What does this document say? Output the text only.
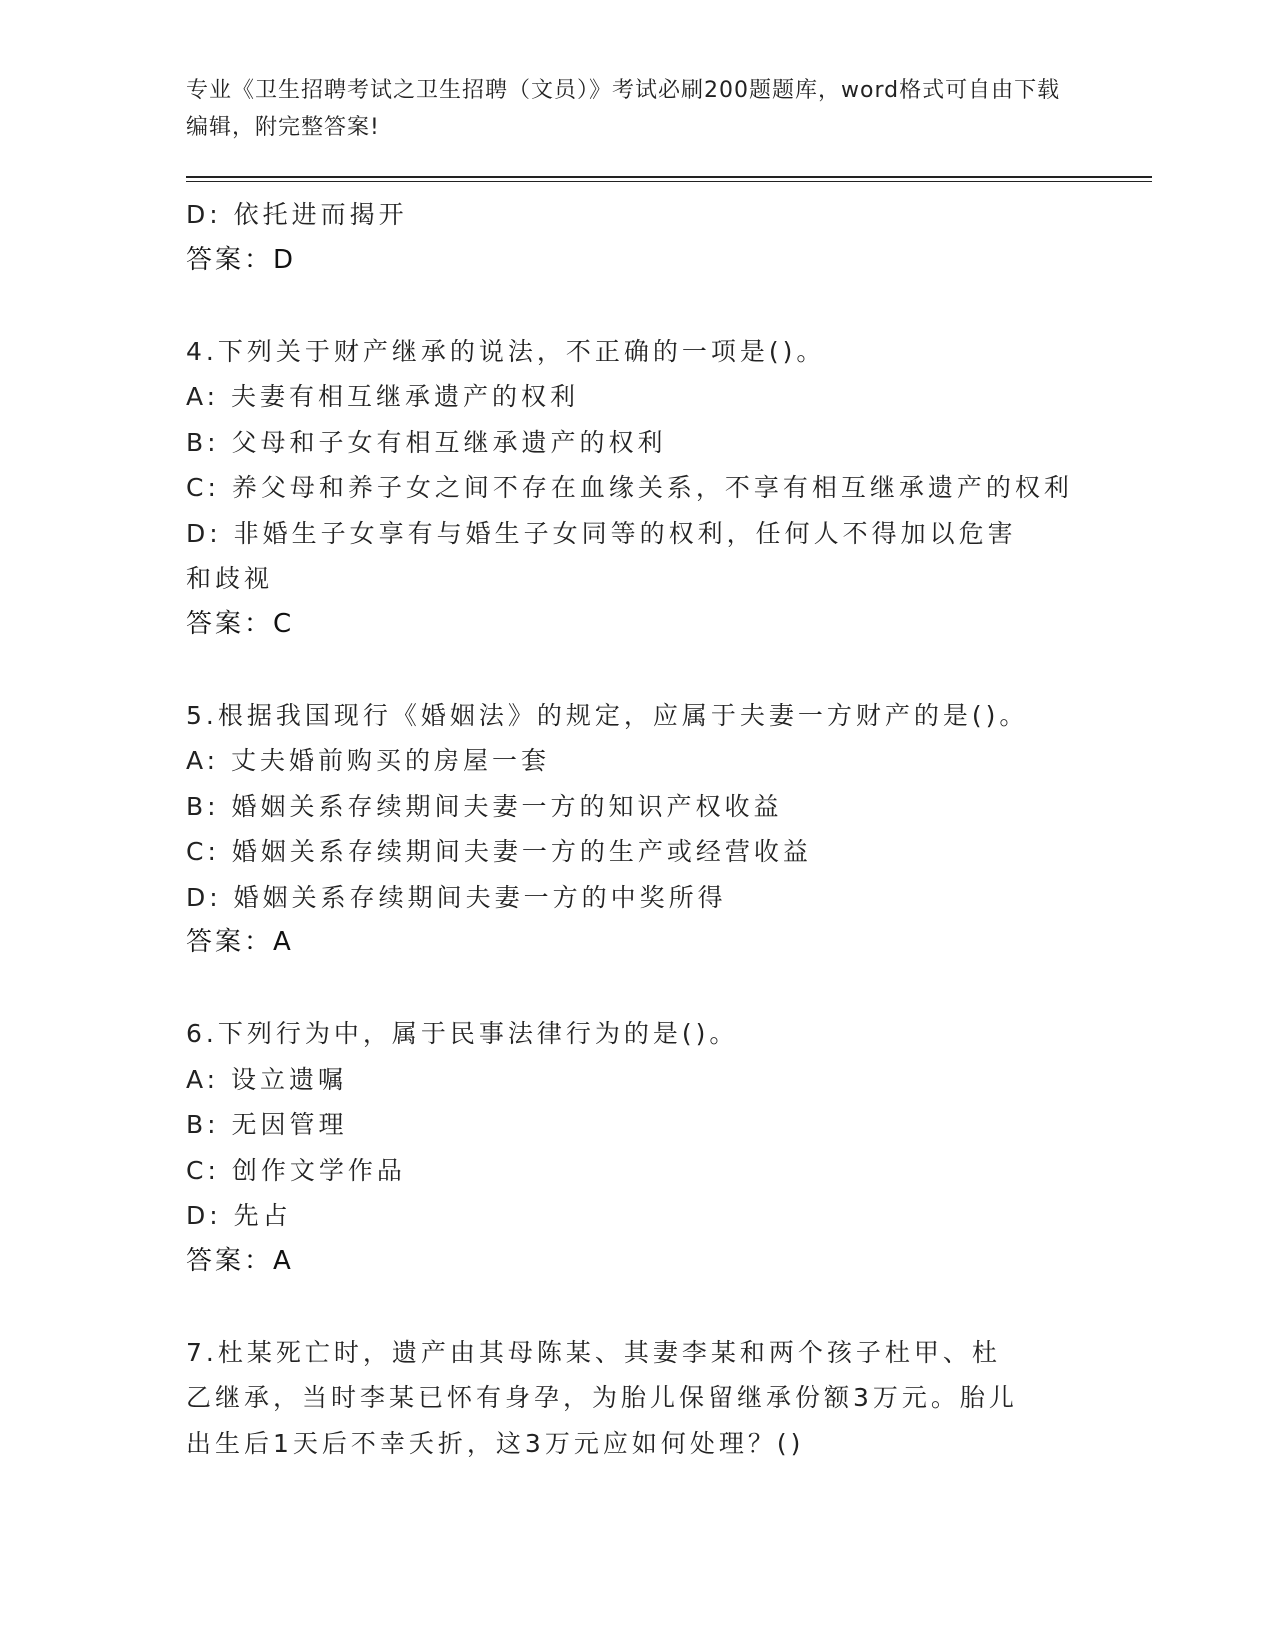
专业《卫生招聘考试之卫生招聘（文员）》考试必刷200题题库，word格式可自由下载编辑，附完整答案!
D: 依托进而揭开
答案：D
4.下列关于财产继承的说法，不正确的一项是()。
A: 夫妻有相互继承遗产的权利
B: 父母和子女有相互继承遗产的权利
C: 养父母和养子女之间不存在血缘关系，不享有相互继承遗产的权利
D: 非婚生子女享有与婚生子女同等的权利，任何人不得加以危害和歧视
答案：C
5.根据我国现行《婚姻法》的规定，应属于夫妻一方财产的是()。
A: 丈夫婚前购买的房屋一套
B: 婚姻关系存续期间夫妻一方的知识产权收益
C: 婚姻关系存续期间夫妻一方的生产或经营收益
D: 婚姻关系存续期间夫妻一方的中奖所得
答案：A
6.下列行为中，属于民事法律行为的是()。
A: 设立遗嘱
B: 无因管理
C: 创作文学作品
D: 先占
答案：A
7.杜某死亡时，遗产由其母陈某、其妻李某和两个孩子杜甲、杜乙继承，当时李某已怀有身孕，为胎儿保留继承份额3万元。胎儿出生后1天后不幸夭折，这3万元应如何处理？()
